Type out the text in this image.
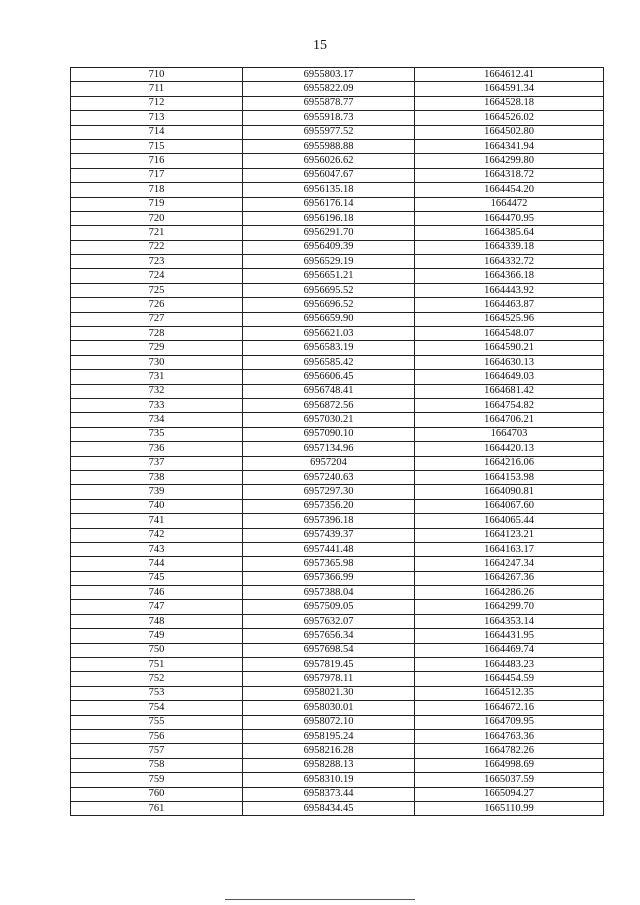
15
710	6955803.17	1664612.41
711	6955822.09	1664591.34
712	6955878.77	1664528.18
713	6955918.73	1664526.02
714	6955977.52	1664502.80
715	6955988.88	1664341.94
716	6956026.62	1664299.80
717	6956047.67	1664318.72
718	6956135.18	1664454.20
719	6956176.14	1664472
720	6956196.18	1664470.95
721	6956291.70	1664385.64
722	6956409.39	1664339.18
723	6956529.19	1664332.72
724	6956651.21	1664366.18
725	6956695.52	1664443.92
726	6956696.52	1664463.87
727	6956659.90	1664525.96
728	6956621.03	1664548.07
729	6956583.19	1664590.21
730	6956585.42	1664630.13
731	6956606.45	1664649.03
732	6956748.41	1664681.42
733	6956872.56	1664754.82
734	6957030.21	1664706.21
735	6957090.10	1664703
736	6957134.96	1664420.13
737	6957204	1664216.06
738	6957240.63	1664153.98
739	6957297.30	1664090.81
740	6957356.20	1664067.60
741	6957396.18	1664065.44
742	6957439.37	1664123.21
743	6957441.48	1664163.17
744	6957365.98	1664247.34
745	6957366.99	1664267.36
746	6957388.04	1664286.26
747	6957509.05	1664299.70
748	6957632.07	1664353.14
749	6957656.34	1664431.95
750	6957698.54	1664469.74
751	6957819.45	1664483.23
752	6957978.11	1664454.59
753	6958021.30	1664512.35
754	6958030.01	1664672.16
755	6958072.10	1664709.95
756	6958195.24	1664763.36
757	6958216.28	1664782.26
758	6958288.13	1664998.69
759	6958310.19	1665037.59
760	6958373.44	1665094.27
761	6958434.45	1665110.99
